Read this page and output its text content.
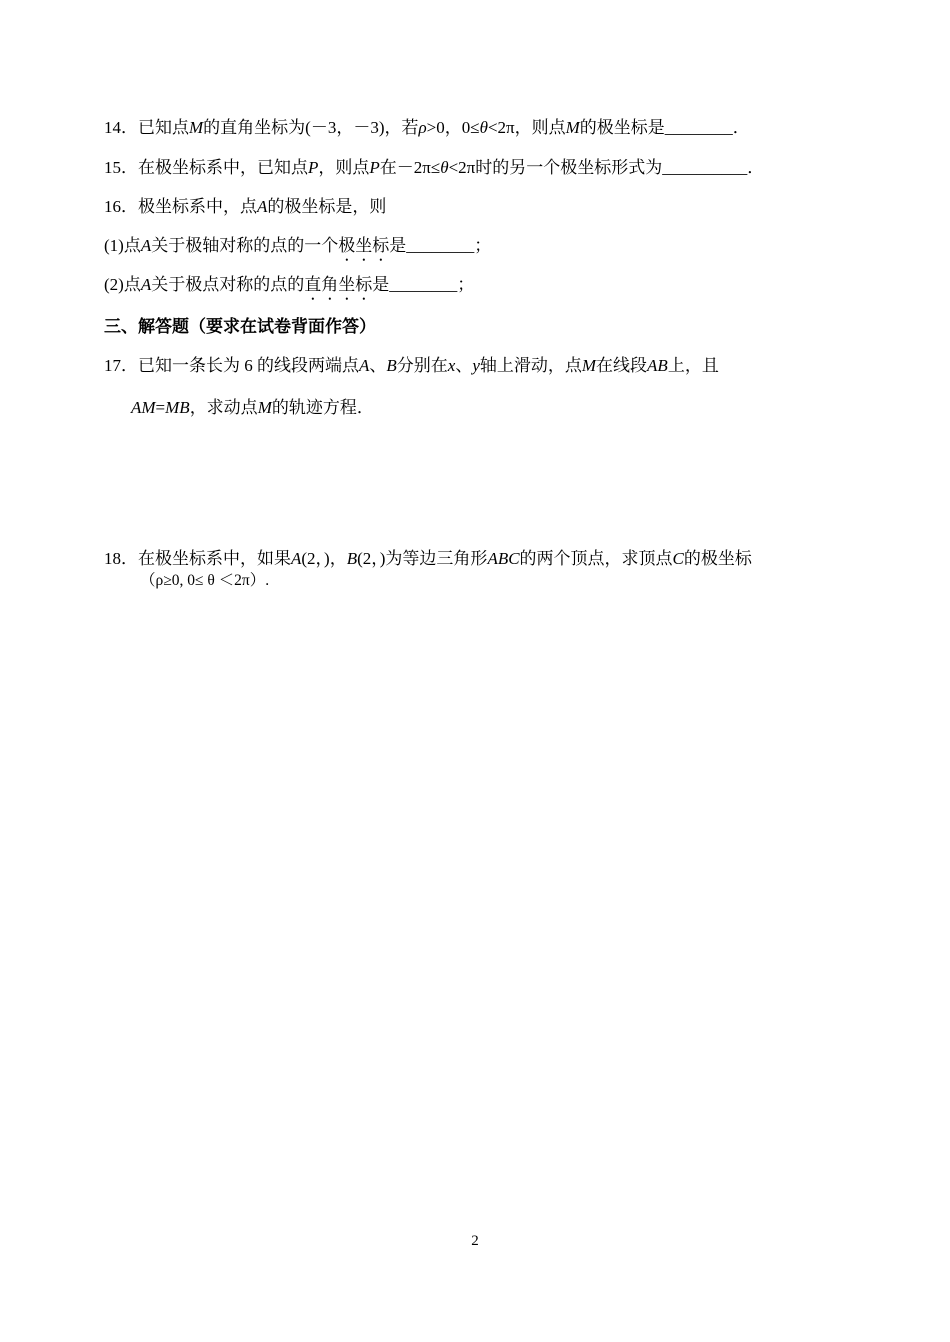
14．已知点M的直角坐标为(－3，－3)，若ρ>0，0≤θ<2π，则点M的极坐标是________．
15．在极坐标系中，已知点P，则点P在－2π≤θ<2π时的另一个极坐标形式为__________．
16．极坐标系中，点A的极坐标是，则
(1)点A关于极轴对称的点的一个极坐标是________；
(2)点A关于极点对称的点的直角坐标是________；
三、解答题（要求在试卷背面作答）
17．已知一条长为 6 的线段两端点A、B分别在x、y轴上滑动，点M在线段AB上，且
AM=MB，求动点M的轨迹方程．
18．在极坐标系中，如果A(2，)，B(2，)为等边三角形ABC的两个顶点，求顶点C的极坐标
（ρ≥0, 0≤ θ ＜2π）.
2
